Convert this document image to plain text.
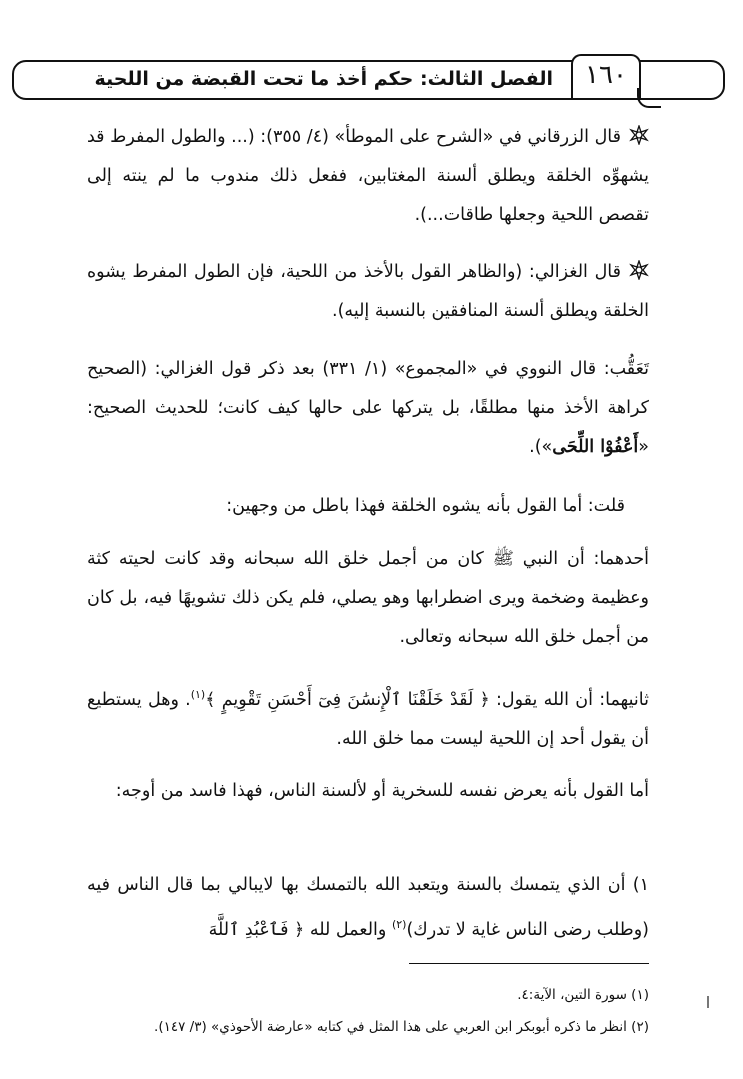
الفصل الثالث: حكم أخذ ما تحت القبضة من اللحية	١٦٠
قال الزرقاني في «الشرح على الموطأ» (٤/ ٣٥٥): (... والطول المفرط قد يشهوِّه الخلقة ويطلق ألسنة المغتابين، ففعل ذلك مندوب ما لم ينته إلى تقصص اللحية وجعلها طاقات...).
قال الغزالي: (والظاهر القول بالأخذ من اللحية، فإن الطول المفرط يشوه الخلقة ويطلق ألسنة المنافقين بالنسبة إليه).
تَعَقُّب: قال النووي في «المجموع» (١/ ٣٣١) بعد ذكر قول الغزالي: (الصحيح كراهة الأخذ منها مطلقًا، بل يتركها على حالها كيف كانت؛ للحديث الصحيح: «أَعْفُوْا اللِّحَى»).
قلت: أما القول بأنه يشوه الخلقة فهذا باطل من وجهين:
أحدهما: أن النبي ﷺ كان من أجمل خلق الله سبحانه وقد كانت لحيته كثة وعظيمة وضخمة ويرى اضطرابها وهو يصلي، فلم يكن ذلك تشويهًا فيه، بل كان من أجمل خلق الله سبحانه وتعالى.
ثانيهما: أن الله يقول: ﴿ لَقَدْ خَلَقْنَا ٱلْإِنسَٰنَ فِىٓ أَحْسَنِ تَقْوِيمٍ ﴾$^{(١)}$. وهل يستطيع أن يقول أحد إن اللحية ليست مما خلق الله.
أما القول بأنه يعرض نفسه للسخرية أو لألسنة الناس، فهذا فاسد من أوجه:
١) أن الذي يتمسك بالسنة ويتعبد الله بالتمسك بها لايبالي بما قال الناس فيه (وطلب رضى الناس غاية لا تدرك)$^{(٢)}$ والعمل لله ﴿ فَٱعْبُدِ ٱللَّهَ
(١) سورة التين، الآية:٤.
(٢) انظر ما ذكره أبوبكر ابن العربي على هذا المثل في كتابه «عارضة الأحوذي» (٣/ ١٤٧).
